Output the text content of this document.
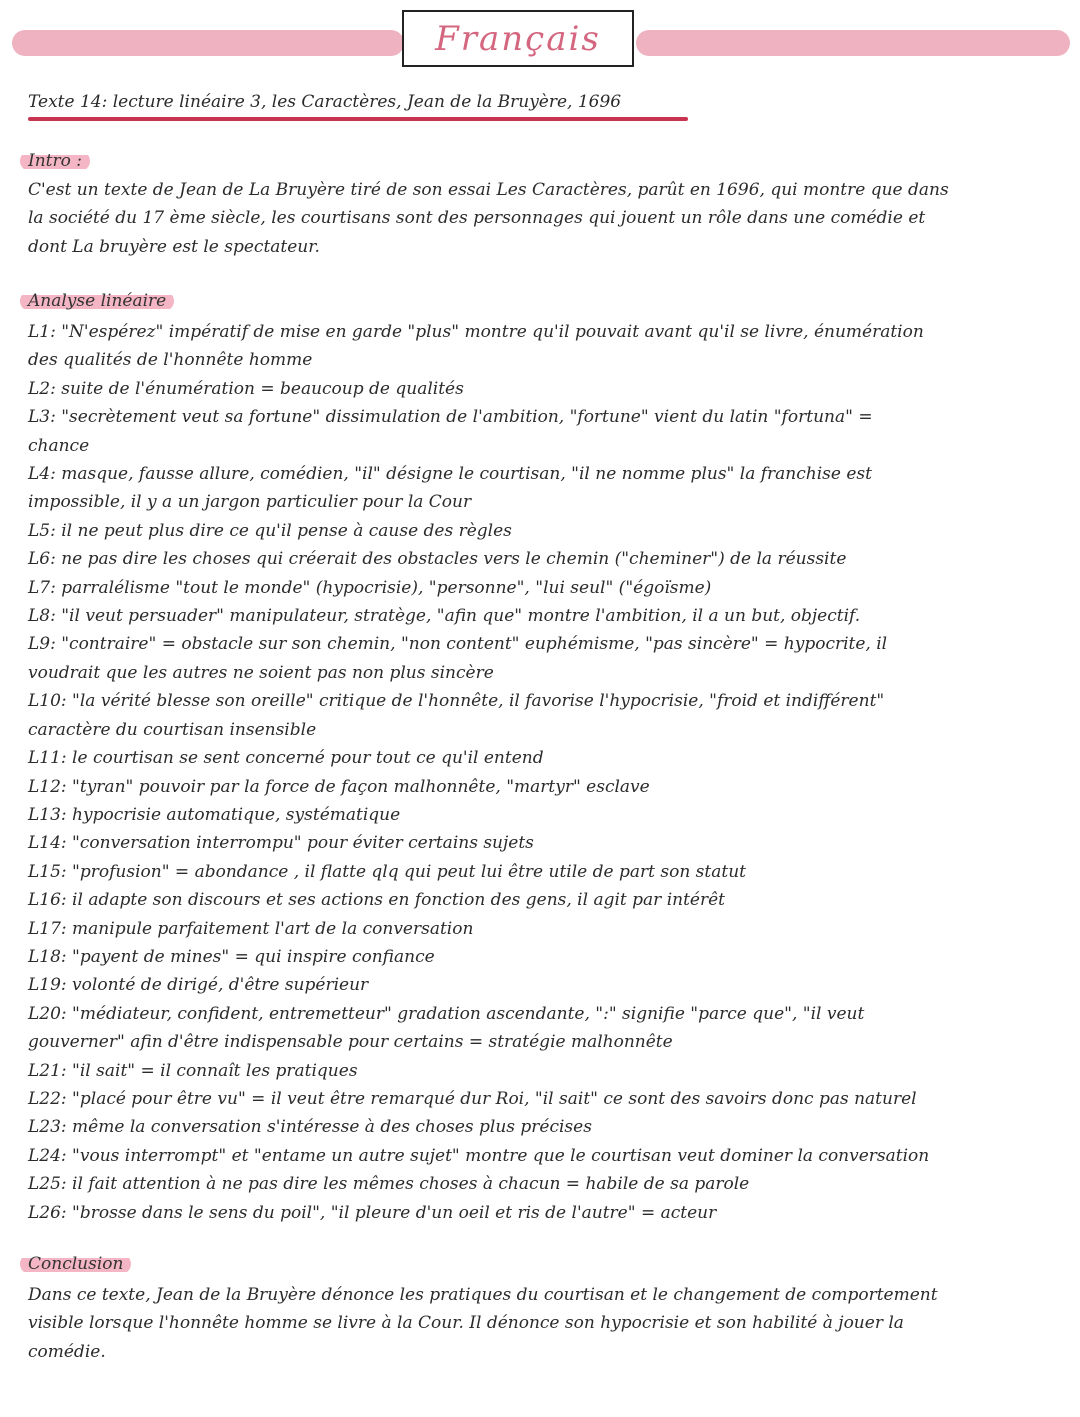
Français
Texte 14: lecture linéaire 3, les Caractères, Jean de la Bruyère, 1696
Intro :
C'est un texte de Jean de La Bruyère tiré de son essai Les Caractères, parût en 1696, qui montre que dans
la société du 17 ème siècle, les courtisans sont des personnages qui jouent un rôle dans une comédie et
dont La bruyère est le spectateur.
Analyse linéaire
L1: "N'espérez" impératif de mise en garde "plus" montre qu'il pouvait avant qu'il se livre, énumération
des qualités de l'honnête homme
L2: suite de l'énumération = beaucoup de qualités
L3: "secrètement veut sa fortune" dissimulation de l'ambition, "fortune" vient du latin "fortuna" =
chance
L4: masque, fausse allure, comédien, "il" désigne le courtisan, "il ne nomme plus" la franchise est
impossible, il y a un jargon particulier pour la Cour
L5: il ne peut plus dire ce qu'il pense à cause des règles
L6: ne pas dire les choses qui créerait des obstacles vers le chemin ("cheminer") de la réussite
L7: parralélisme "tout le monde" (hypocrisie), "personne", "lui seul" ("égoïsme)
L8: "il veut persuader" manipulateur, stratège, "afin que" montre l'ambition, il a un but, objectif.
L9: "contraire" = obstacle sur son chemin, "non content" euphémisme, "pas sincère" = hypocrite, il
voudrait que les autres ne soient pas non plus sincère
L10: "la vérité blesse son oreille" critique de l'honnête, il favorise l'hypocrisie, "froid et indifférent"
caractère du courtisan insensible
L11: le courtisan se sent concerné pour tout ce qu'il entend
L12: "tyran" pouvoir par la force de façon malhonnête, "martyr" esclave
L13: hypocrisie automatique, systématique
L14: "conversation interrompu" pour éviter certains sujets
L15: "profusion" = abondance , il flatte qlq qui peut lui être utile de part son statut
L16: il adapte son discours et ses actions en fonction des gens, il agit par intérêt
L17: manipule parfaitement l'art de la conversation
L18: "payent de mines" = qui inspire confiance
L19: volonté de dirigé, d'être supérieur
L20: "médiateur, confident, entremetteur" gradation ascendante, ":" signifie "parce que", "il veut
gouverner" afin d'être indispensable pour certains = stratégie malhonnête
L21: "il sait" = il connaît les pratiques
L22: "placé pour être vu" = il veut être remarqué dur Roi, "il sait" ce sont des savoirs donc pas naturel
L23: même la conversation s'intéresse à des choses plus précises
L24: "vous interrompt" et "entame un autre sujet" montre que le courtisan veut dominer la conversation
L25: il fait attention à ne pas dire les mêmes choses à chacun = habile de sa parole
L26: "brosse dans le sens du poil", "il pleure d'un oeil et ris de l'autre" = acteur
Conclusion
Dans ce texte, Jean de la Bruyère dénonce les pratiques du courtisan et le changement de comportement
visible lorsque l'honnête homme se livre à la Cour. Il dénonce son hypocrisie et son habilité à jouer la
comédie.
